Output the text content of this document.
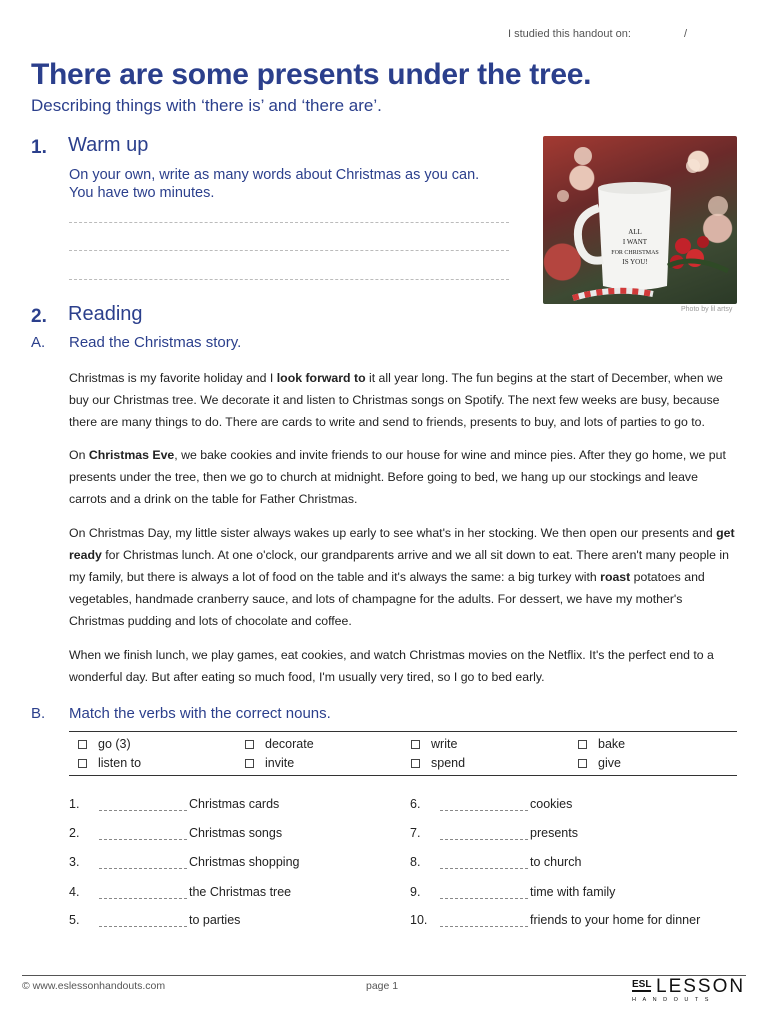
I studied this handout on:	/
There are some presents under the tree.
Describing things with ‘there is’ and ‘there are’.
1. Warm up
On your own, write as many words about Christmas as you can.
You have two minutes.
ALL
I WANT
FOR CHRISTMAS
IS YOU!
Photo by lil artsy
2. Reading
A. Read the Christmas story.

Christmas is my favorite holiday and I look forward to it all year long. The fun begins at the start of December, when we buy our Christmas tree. We decorate it and listen to Christmas songs on Spotify. The next few weeks are busy, because there are many things to do. There are cards to write and send to friends, presents to buy, and lots of parties to go to.

On Christmas Eve, we bake cookies and invite friends to our house for wine and mince pies. After they go home, we put presents under the tree, then we go to church at midnight. Before going to bed, we hang up our stockings and leave carrots and a drink on the table for Father Christmas.

On Christmas Day, my little sister always wakes up early to see what's in her stocking. We then open our presents and get ready for Christmas lunch. At one o'clock, our grandparents arrive and we all sit down to eat. There aren't many people in my family, but there is always a lot of food on the table and it's always the same: a big turkey with roast potatoes and vegetables, handmade cranberry sauce, and lots of champagne for the adults. For dessert, we have my mother's Christmas pudding and lots of chocolate and coffee.

When we finish lunch, we play games, eat cookies, and watch Christmas movies on the Netflix. It's the perfect end to a wonderful day. But after eating so much food, I'm usually very tired, so I go to bed early.

B. Match the verbs with the correct nouns.
go (3)	decorate	write	bake
listen to	invite	spend	give
1.	Christmas cards
2.	Christmas songs
3.	Christmas shopping
4.	the Christmas tree
5.	to parties
6.	cookies
7.	presents
8.	to church
9.	time with family
10.	friends to your home for dinner
© www.eslessonhandouts.com	page 1	ESL LESSON
HANDOUTS
